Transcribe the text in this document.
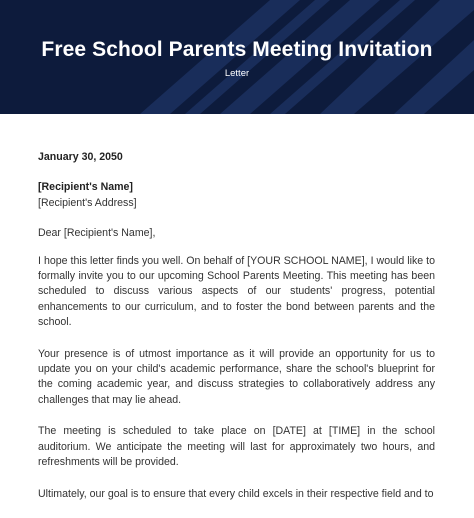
Free School Parents Meeting Invitation
Letter

January 30, 2050

[Recipient's Name]

[Recipient's Address]

Dear [Recipient's Name],

I hope this letter finds you well. On behalf of [YOUR SCHOOL NAME], I would like to formally invite you to our upcoming School Parents Meeting. This meeting has been scheduled to discuss various aspects of our students' progress, potential enhancements to our curriculum, and to foster the bond between parents and the school.

Your presence is of utmost importance as it will provide an opportunity for us to update you on your child's academic performance, share the school's blueprint for the coming academic year, and discuss strategies to collaboratively address any challenges that may lie ahead.

The meeting is scheduled to take place on [DATE] at [TIME] in the school auditorium. We anticipate the meeting will last for approximately two hours, and refreshments will be provided.

Ultimately, our goal is to ensure that every child excels in their respective field and to
